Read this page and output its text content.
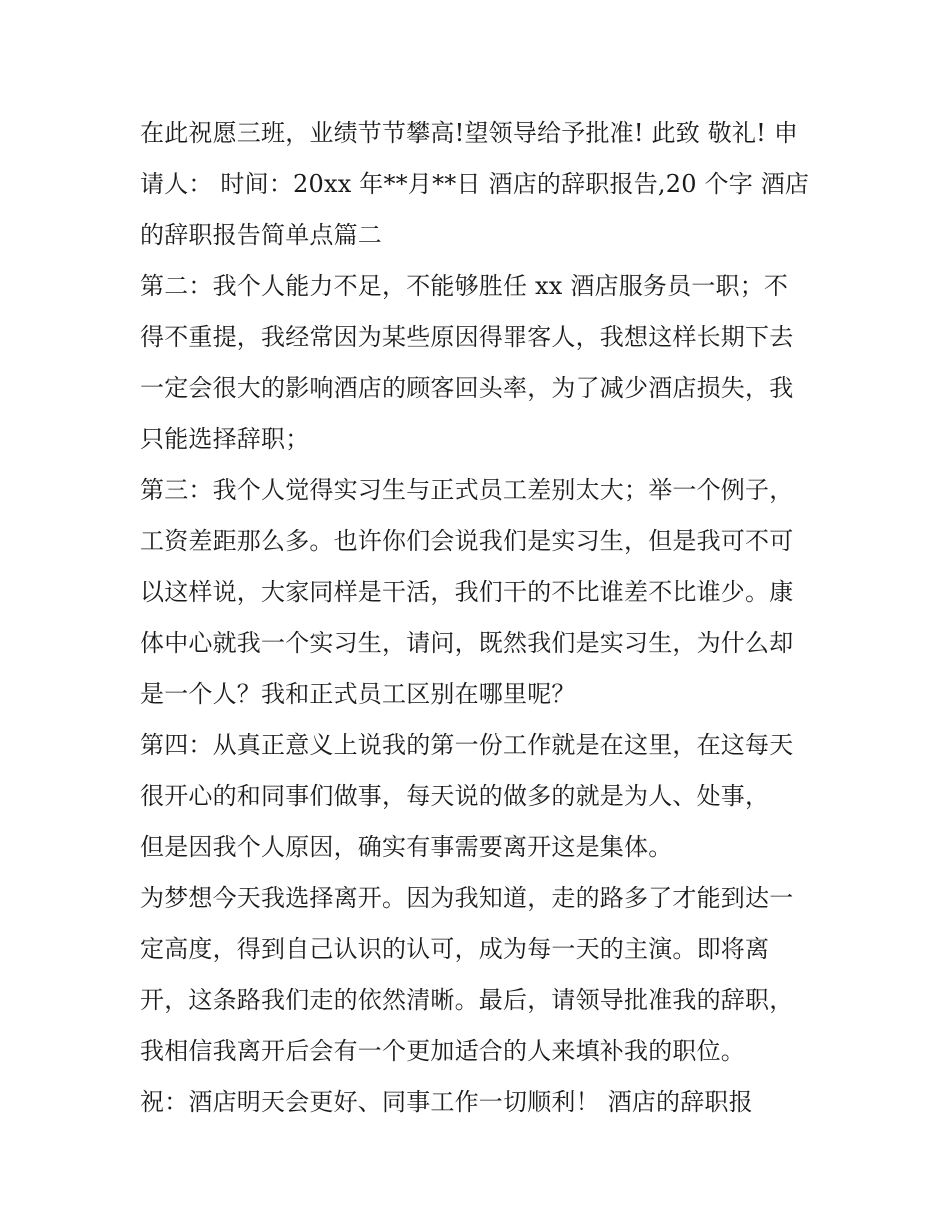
在此祝愿三班，业绩节节攀高!望领导给予批准! 此致 敬礼! 申
请人： 时间：20xx 年**月**日 酒店的辞职报告,20 个字 酒店
的辞职报告简单点篇二
第二：我个人能力不足，不能够胜任 xx 酒店服务员一职；不
得不重提，我经常因为某些原因得罪客人，我想这样长期下去
一定会很大的影响酒店的顾客回头率，为了减少酒店损失，我
只能选择辞职；
第三：我个人觉得实习生与正式员工差别太大；举一个例子，
工资差距那么多。也许你们会说我们是实习生，但是我可不可
以这样说，大家同样是干活，我们干的不比谁差不比谁少。康
体中心就我一个实习生，请问，既然我们是实习生，为什么却
是一个人？我和正式员工区别在哪里呢？
第四：从真正意义上说我的第一份工作就是在这里，在这每天
很开心的和同事们做事，每天说的做多的就是为人、处事，
但是因我个人原因，确实有事需要离开这是集体。
为梦想今天我选择离开。因为我知道，走的路多了才能到达一
定高度，得到自己认识的认可，成为每一天的主演。即将离
开，这条路我们走的依然清晰。最后，请领导批准我的辞职，
我相信我离开后会有一个更加适合的人来填补我的职位。
祝：酒店明天会更好、同事工作一切顺利！ 酒店的辞职报
